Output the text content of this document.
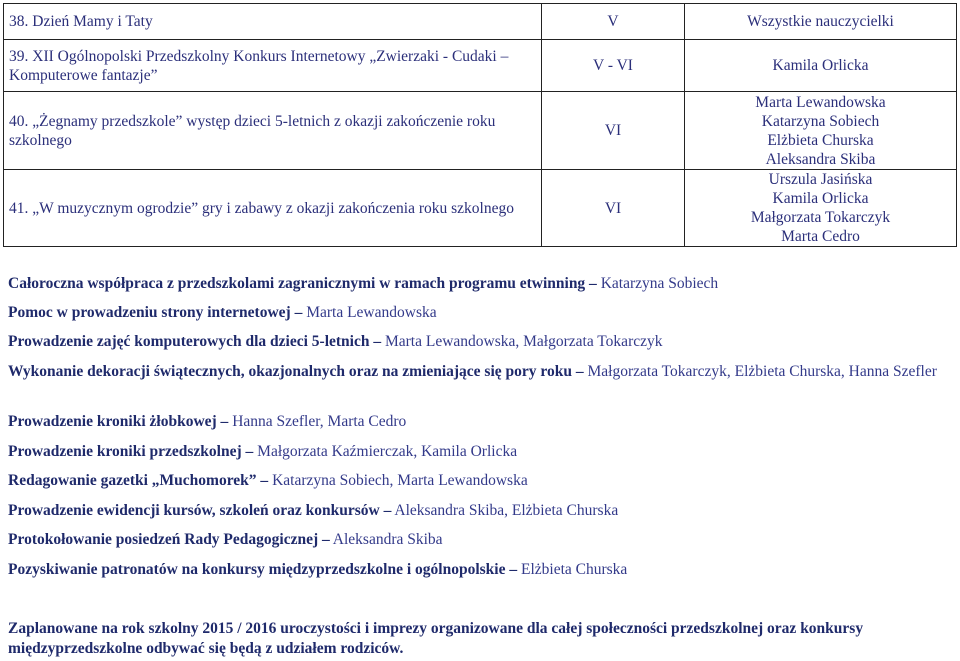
38. Dzień Mamy i Taty	V	Wszystkie nauczycielki
39. XII Ogólnopolski Przedszkolny Konkurs Internetowy „Zwierzaki - Cudaki – Komputerowe fantazje”	V - VI	Kamila Orlicka
40. „Żegnamy przedszkole” występ dzieci 5-letnich z okazji zakończenie roku szkolnego	VI	Marta Lewandowska
Katarzyna Sobiech
Elżbieta Churska
Aleksandra Skiba

41. „W muzycznym ogrodzie” gry i zabawy z okazji zakończenia roku szkolnego	VI	Urszula Jasińska
Kamila Orlicka
Małgorzata Tokarczyk
Marta Cedro
Całoroczna współpraca z przedszkolami zagranicznymi w ramach programu etwinning – Katarzyna Sobiech
Pomoc w prowadzeniu strony internetowej – Marta Lewandowska
Prowadzenie zajęć komputerowych dla dzieci 5-letnich – Marta Lewandowska, Małgorzata Tokarczyk
Wykonanie dekoracji świątecznych, okazjonalnych oraz na zmieniające się pory roku – Małgorzata Tokarczyk, Elżbieta Churska, Hanna Szefler
Prowadzenie kroniki żłobkowej – Hanna Szefler, Marta Cedro
Prowadzenie kroniki przedszkolnej – Małgorzata Kaźmierczak, Kamila Orlicka
Redagowanie gazetki „Muchomorek” – Katarzyna Sobiech, Marta Lewandowska
Prowadzenie ewidencji kursów, szkoleń oraz konkursów – Aleksandra Skiba, Elżbieta Churska
Protokołowanie posiedzeń Rady Pedagogicznej – Aleksandra Skiba
Pozyskiwanie patronatów na konkursy międzyprzedszkolne i ogólnopolskie – Elżbieta Churska
Zaplanowane na rok szkolny 2015 / 2016 uroczystości i imprezy organizowane dla całej społeczności przedszkolnej oraz konkursy międzyprzedszkolne odbywać się będą z udziałem rodziców.
